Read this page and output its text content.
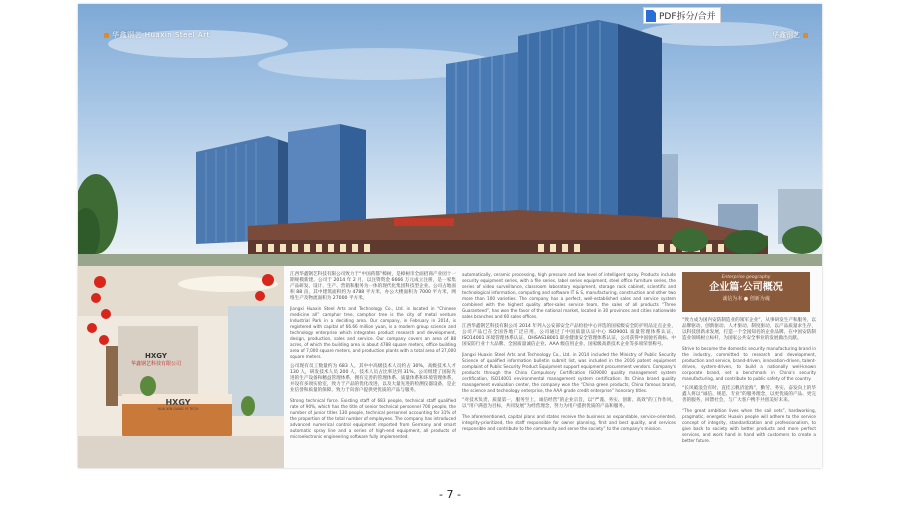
华鑫钢艺 Huaxin Steel Art	华鑫钢艺
PDF拆分/合并
HXGY
华鑫钢艺科技有限公司
HXGY
HUA XIN GANG YI TECH

江西华鑫钢艺科技有限公司致力于“中国药都”樟树，是樟树市全面招商产业园十一期规模新建。公司于 2014 年 2 月，以注资资金 6666 万元成立注册，是一家集产品研发、设计、生产、营销和服务为一体的现代化集团科技型企业。公司占地面积 88 亩，其中建筑面积约为 4788 平方米，办公大楼面积为 7000 平方米，网络生产及物流面积为 27000 平方米。

Jiangxi Huaxin Steel Arts and Technology Co., Ltd. is located in “Chinese medicine all” camphor tree, camphor tree is the city of metal venture Industrial Park in a deciding area. Our company, in February in 2014, is registered with capital of 66.66 million yuan, is a modern group science and technology enterprise which integrates product research and development, design, production, sales and service. Our company covers an area of 88 acres, of which the building area is about 4788 square meters, office building area of 7,000 square meters, and production plants with a total area of 27,000 square meters.

公司现有员工数量约为 683 人，其中中高级技术人员约占 30%，高级技术人才 130 人，研发技术人员 200 人，技术人员占比率达到 31%。公司组建了国际先进的生产设备和精益管理体系，拥有完善的管理体系、质量体系和环境管理体系，并设有多项实验室，致力于产品的优化改进，以及大量先进的检测仪器设备，是企业信誉和质量的保障，致力于向客户提供更优质的产品与服务。

Strong technical force. Existing staff of 683 people, technical staff qualified rate of 90%, which has the title of senior technical personnel 700 people, the number of junior titles 130 people, technical personnel accounting for 31% of the proportion of the total number of employees. The company has introduced advanced numerical control equipment imported from Germany and smart automatic spray line and a series of high-end equipment, all products of microelectronic engineering software fully implemented.

automatically, ceramic processing, high pressure and low level of intelligent spray. Products include security equipment series, with a file series, label series equipment, steel office furniture series, the series of video surveillance, classroom laboratory equipment, storage rack cabinet, scientific and technological information, computing and software IT & S, manufacturing, construction and other two more than 100 varieties. The company has a perfect, well-established sales and service system combined with the highest quality after-sales service team, the sales of all products “Three Guaranteed”, has won the favor of the national market, located in 30 provinces and cities nationwide sales branches and 60 sales offices.

江西华鑫钢艺科技有限公司 2014 年列入公安部安全产品检验中心评选的国家级安全防护用品定点企业，公司产品已在全国各地广泛应用，公司通过了中国质量认证中心 ISO9001 质量管理体系认证、ISO14001 环境管理体系认证、OHSAS18001 职业健康安全管理体系认证，公司获得中国驰名商标、中国安防行业十大品牌、全国质量诚信企业、AAA 级信用企业、国家级高新技术企业等多项荣誉称号。

Jiangxi Huaxin Steel Arts and Technology Co., Ltd. in 2014 included the Ministry of Public Security Science of qualified information bulletin submit list, was included in the 2016 patent equipment complaint of Public Security Product Equipment support equipment procurement vendors. Company's products through the China Compulsory Certification ISO9000 quality management system certification, ISO14001 environmental management system certification. Its China brand quality management evaluation center, the company won the “China green products, China famous brand, the science and technology enterprise, the AAA grade credit enterprise” honorary titles.

“对技术负责，质量第一，服务至上，诚信经营”的企业宗旨，以“严谨、务实、创新、高效”的工作作风，以“用户满意为目标，共同发展”为经营理念，努力为用户提供优质的产品和服务。

The aforementioned, capital plans and states receive the business as expandable, service-oriented, integrity-prioritized, the staff responsible for owner planning, first and best quality, and services responsible and contribute to the community and serve the society” to the company's mission.

Enterprise geography
企业篇·公司概况
诚信为本 ● 创新为魂

“致力成为国内安防制造业的领军企业”，从事研发生产和服务，以品牌驱动、创新驱动、人才驱动、制度驱动，以产品质量求生存，以科技创新求发展，打造一个全国知名的企业品牌，在中国安防制造业领域树立标杆，为国家公共安全事业的发展做出贡献。

Strive to become the domestic security manufacturing brand in the industry, committed to research and development, production and service, brand-driven, innovation-driven, talent-driven, system-driven, to build a nationally well-known corporate brand, set a benchmark in China's security manufacturing, and contribute to public safety of the country.

“长风破浪会有时，直挂云帆济沧海”，勤劳、务实、奋发向上的华鑫人将以“诚信、规范、专业”的服务理念，以更优质的产品、更完善的服务，回馈社会，与广大客户携手共创美好未来。

“The great ambition lives when the sail sets”, hardworking, pragmatic, energetic Huaxin people will adhere to the service concept of integrity, standardization and professionalism, to give back to society with better products and more perfect services, and work hand in hand with customers to create a better future.

- 7 -
